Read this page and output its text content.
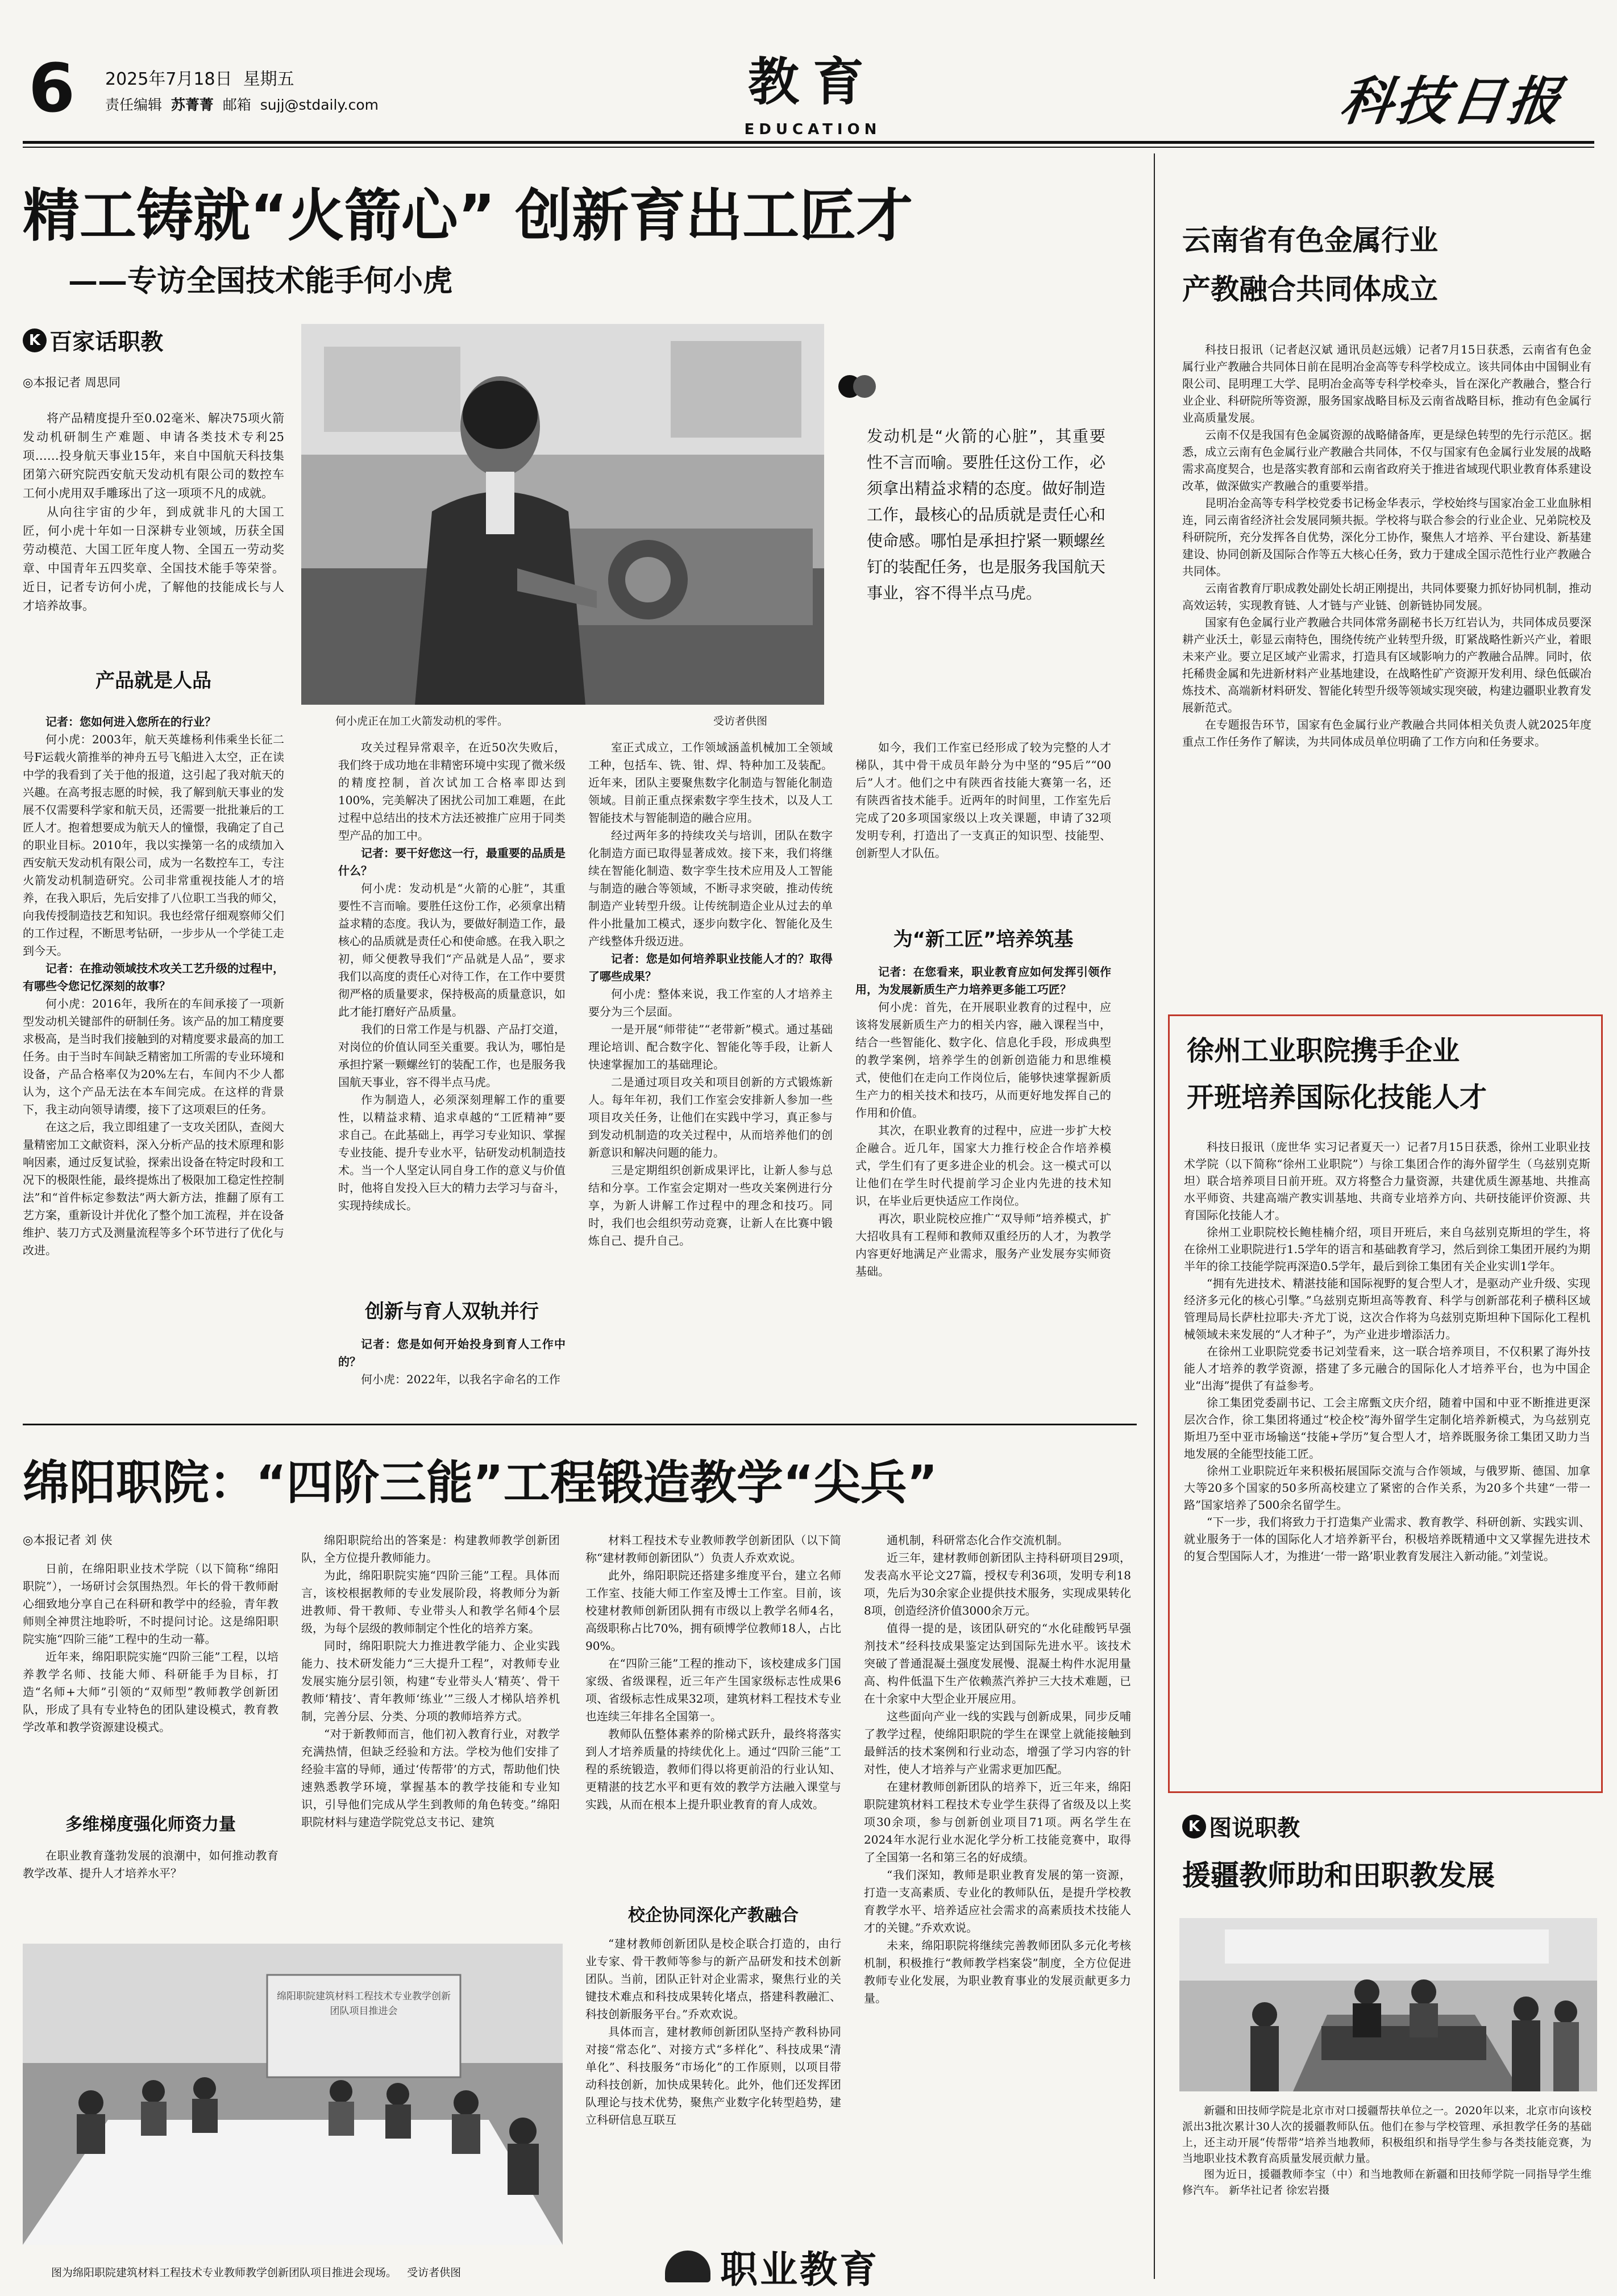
6 2025年7月18日 星期五
责任编辑 苏菁菁 邮箱 sujj@stdaily.com	教育
EDUCATION	科技日报
精工铸就“火箭心” 创新育出工匠才
——专访全国技术能手何小虎
K 百家话职教
◎本报记者 周思同

将产品精度提升至0.02毫米、解决75项火箭发动机研制生产难题、申请各类技术专利25项……投身航天事业15年，来自中国航天科技集团第六研究院西安航天发动机有限公司的数控车工何小虎用双手雕琢出了这一项项不凡的成就。

从向往宇宙的少年，到成就非凡的大国工匠，何小虎十年如一日深耕专业领域，历获全国劳动模范、大国工匠年度人物、全国五一劳动奖章、中国青年五四奖章、全国技术能手等荣誉。近日，记者专访何小虎，了解他的技能成长与人才培养故事。

何小虎正在加工火箭发动机的零件。	受访者供图
发动机是“火箭的心脏”，其重要性不言而喻。要胜任这份工作，必须拿出精益求精的态度。做好制造工作，最核心的品质就是责任心和使命感。哪怕是承担拧紧一颗螺丝钉的装配任务，也是服务我国航天事业，容不得半点马虎。
产品就是人品

记者：您如何进入您所在的行业？

何小虎：2003年，航天英雄杨利伟乘坐长征二号F运载火箭推举的神舟五号飞船进入太空，正在读中学的我看到了关于他的报道，这引起了我对航天的兴趣。在高考报志愿的时候，我了解到航天事业的发展不仅需要科学家和航天员，还需要一批批兼后的工匠人才。抱着想要成为航天人的憧憬，我确定了自己的职业目标。2010年，我以实操第一名的成绩加入西安航天发动机有限公司，成为一名数控车工，专注火箭发动机制造研究。公司非常重视技能人才的培养，在我入职后，先后安排了八位职工当我的师父，向我传授制造技艺和知识。我也经常仔细观察师父们的工作过程，不断思考钻研，一步步从一个学徒工走到今天。

记者：在推动领域技术攻关工艺升级的过程中，有哪些令您记忆深刻的故事？

何小虎：2016年，我所在的车间承接了一项新型发动机关键部件的研制任务。该产品的加工精度要求极高，是当时我们接触到的对精度要求最高的加工任务。由于当时车间缺乏精密加工所需的专业环境和设备，产品合格率仅为20%左右，车间内不少人都认为，这个产品无法在本车间完成。在这样的背景下，我主动向领导请缨，接下了这项艰巨的任务。

在这之后，我立即组建了一支攻关团队，查阅大量精密加工文献资料，深入分析产品的技术原理和影响因素，通过反复试验，探索出设备在特定时段和工况下的极限性能，最终提炼出了极限加工稳定性控制法”和“首件标定参数法”两大新方法，推翻了原有工艺方案，重新设计并优化了整个加工流程，并在设备维护、装刀方式及测量流程等多个环节进行了优化与改进。

攻关过程异常艰辛，在近50次失败后，我们终于成功地在非精密环境中实现了微米级的精度控制，首次试加工合格率即达到100%，完美解决了困扰公司加工难题，在此过程中总结出的技术方法还被推广应用于同类型产品的加工中。

记者：要干好您这一行，最重要的品质是什么？

何小虎：发动机是“火箭的心脏”，其重要性不言而喻。要胜任这份工作，必须拿出精益求精的态度。我认为，要做好制造工作，最核心的品质就是责任心和使命感。在我入职之初，师父便教导我们“产品就是人品”，要求我们以高度的责任心对待工作，在工作中要贯彻严格的质量要求，保持极高的质量意识，如此才能打磨好产品质量。

我们的日常工作是与机器、产品打交道，对岗位的价值认同至关重要。我认为，哪怕是承担拧紧一颗螺丝钉的装配工作，也是服务我国航天事业，容不得半点马虎。

作为制造人，必须深刻理解工作的重要性，以精益求精、追求卓越的“工匠精神”要求自己。在此基础上，再学习专业知识、掌握专业技能、提升专业水平，钻研发动机制造技术。当一个人坚定认同自身工作的意义与价值时，他将自发投入巨大的精力去学习与奋斗，实现持续成长。

创新与育人双轨并行

记者：您是如何开始投身到育人工作中的？

何小虎：2022年，以我名字命名的工作

室正式成立，工作领域涵盖机械加工全领域工种，包括车、铣、钳、焊、特种加工及装配。近年来，团队主要聚焦数字化制造与智能化制造领域。目前正重点探索数字孪生技术，以及人工智能技术与智能制造的融合应用。

经过两年多的持续攻关与培训，团队在数字化制造方面已取得显著成效。接下来，我们将继续在智能化制造、数字孪生技术应用及人工智能与制造的融合等领域，不断寻求突破，推动传统制造产业转型升级。让传统制造企业从过去的单件小批量加工模式，逐步向数字化、智能化及生产线整体升级迈进。

记者：您是如何培养职业技能人才的？取得了哪些成果？

何小虎：整体来说，我工作室的人才培养主要分为三个层面。

一是开展“师带徒”“老带新”模式。通过基础理论培训、配合数字化、智能化等手段，让新人快速掌握加工的基础理论。

二是通过项目攻关和项目创新的方式锻炼新人。每年年初，我们工作室会安排新人参加一些项目攻关任务，让他们在实践中学习，真正参与到发动机制造的攻关过程中，从而培养他们的创新意识和解决问题的能力。

三是定期组织创新成果评比，让新人参与总结和分享。工作室会定期对一些攻关案例进行分享，为新人讲解工作过程中的理念和技巧。同时，我们也会组织劳动竞赛，让新人在比赛中锻炼自己、提升自己。

如今，我们工作室已经形成了较为完整的人才梯队，其中骨干成员年龄分为中坚的“95后”“00后”人才。他们之中有陕西省技能大赛第一名，还有陕西省技术能手。近两年的时间里，工作室先后完成了20多项国家级以上攻关课题，申请了32项发明专利，打造出了一支真正的知识型、技能型、创新型人才队伍。

为“新工匠”培养筑基

记者：在您看来，职业教育应如何发挥引领作用，为发展新质生产力培养更多能工巧匠？

何小虎：首先，在开展职业教育的过程中，应该将发展新质生产力的相关内容，融入课程当中，结合一些智能化、数字化、信息化手段，形成典型的教学案例，培养学生的创新创造能力和思维模式，使他们在走向工作岗位后，能够快速掌握新质生产力的相关技术和技巧，从而更好地发挥自己的作用和价值。

其次，在职业教育的过程中，应进一步扩大校企融合。近几年，国家大力推行校企合作培养模式，学生们有了更多进企业的机会。这一模式可以让他们在学生时代提前学习企业内先进的技术知识，在毕业后更快适应工作岗位。

再次，职业院校应推广“双导师”培养模式，扩大招收具有工程师和教师双重经历的人才，为教学内容更好地满足产业需求，服务产业发展夯实师资基础。

云南省有色金属行业
产教融合共同体成立

科技日报讯（记者赵汉斌 通讯员赵远娥）记者7月15日获悉，云南省有色金属行业产教融合共同体日前在昆明冶金高等专科学校成立。该共同体由中国铜业有限公司、昆明理工大学、昆明冶金高等专科学校牵头，旨在深化产教融合，整合行业企业、科研院所等资源，服务国家战略目标及云南省战略目标，推动有色金属行业高质量发展。

云南不仅是我国有色金属资源的战略储备库，更是绿色转型的先行示范区。据悉，成立云南有色金属行业产教融合共同体，不仅与国家有色金属行业发展的战略需求高度契合，也是落实教育部和云南省政府关于推进省域现代职业教育体系建设改革，做深做实产教融合的重要举措。

昆明冶金高等专科学校党委书记杨金华表示，学校始终与国家冶金工业血脉相连，同云南省经济社会发展同频共振。学校将与联合参会的行业企业、兄弟院校及科研院所，充分发挥各自优势，深化分工协作，聚焦人才培养、平台建设、新基建建设、协同创新及国际合作等五大核心任务，致力于建成全国示范性行业产教融合共同体。

云南省教育厅职成教处副处长胡正刚提出，共同体要聚力抓好协同机制，推动高效运转，实现教育链、人才链与产业链、创新链协同发展。

国家有色金属行业产教融合共同体常务副秘书长万红岩认为，共同体成员要深耕产业沃土，彰显云南特色，围绕传统产业转型升级，盯紧战略性新兴产业，着眼未来产业。要立足区域产业需求，打造具有区域影响力的产教融合品牌。同时，依托稀贵金属和先进新材料产业基地建设，在战略性矿产资源开发利用、绿色低碳冶炼技术、高端新材料研发、智能化转型升级等领域实现突破，构建边疆职业教育发展新范式。

在专题报告环节，国家有色金属行业产教融合共同体相关负责人就2025年度重点工作任务作了解读，为共同体成员单位明确了工作方向和任务要求。

徐州工业职院携手企业
开班培养国际化技能人才

科技日报讯（庞世华 实习记者夏天一）记者7月15日获悉，徐州工业职业技术学院（以下简称“徐州工业职院”）与徐工集团合作的海外留学生（乌兹别克斯坦）联合培养项目日前开班。双方将整合力量资源，共建优质生源基地、共推高水平师资、共建高端产教实训基地、共商专业培养方向、共研技能评价资源、共育国际化技能人才。

徐州工业职院校长鲍桂楠介绍，项目开班后，来自乌兹别克斯坦的学生，将在徐州工业职院进行1.5学年的语言和基础教育学习，然后到徐工集团开展约为期半年的徐工技能学院再深造0.5学年，最后到徐工集团有关企业实训1学年。

“拥有先进技术、精湛技能和国际视野的复合型人才，是驱动产业升级、实现经济多元化的核心引擎。”乌兹别克斯坦高等教育、科学与创新部花利子横科区域管理局局长萨杜拉耶夫·齐尤丁说，这次合作将为乌兹别克斯坦种下国际化工程机械领域未来发展的“人才种子”，为产业进步增添活力。

在徐州工业职院党委书记刘莹看来，这一联合培养项目，不仅积累了海外技能人才培养的教学资源，搭建了多元融合的国际化人才培养平台，也为中国企业“出海”提供了有益参考。

徐工集团党委副书记、工会主席甄文庆介绍，随着中国和中亚不断推进更深层次合作，徐工集团将通过“校企校”海外留学生定制化培养新模式，为乌兹别克斯坦乃至中亚市场输送“技能+学历”复合型人才，培养既服务徐工集团又助力当地发展的全能型技能工匠。

徐州工业职院近年来积极拓展国际交流与合作领域，与俄罗斯、德国、加拿大等20多个国家的50多所高校建立了紧密的合作关系，为20多个共建“一带一路”国家培养了500余名留学生。

“下一步，我们将致力于打造集产业需求、教育教学、科研创新、实践实训、就业服务于一体的国际化人才培养新平台，积极培养既精通中文又掌握先进技术的复合型国际人才，为推进‘一带一路’职业教育发展注入新动能。”刘莹说。

K 图说职教
援疆教师助和田职教发展

新疆和田技师学院是北京市对口援疆帮扶单位之一。2020年以来，北京市向该校派出3批次累计30人次的援疆教师队伍。他们在参与学校管理、承担教学任务的基础上，还主动开展“传帮带”培养当地教师，积极组织和指导学生参与各类技能竞赛，为当地职业技术教育高质量发展贡献力量。

图为近日，援疆教师李宝（中）和当地教师在新疆和田技师学院一同指导学生维修汽车。 新华社记者 徐宏岩摄

绵阳职院：“四阶三能”工程锻造教学“尖兵”
◎本报记者 刘 侠

日前，在绵阳职业技术学院（以下简称“绵阳职院”），一场研讨会氛围热烈。年长的骨干教师耐心细致地分享自己在科研和教学中的经验，青年教师则全神贯注地聆听，不时提问讨论。这是绵阳职院实施“四阶三能”工程中的生动一幕。

近年来，绵阳职院实施“四阶三能”工程，以培养教学名师、技能大师、科研能手为目标，打造“名师+大师”引领的“双师型”教师教学创新团队，形成了具有专业特色的团队建设模式，教育教学改革和教学资源建设模式。

多维梯度强化师资力量

在职业教育蓬勃发展的浪潮中，如何推动教育教学改革、提升人才培养水平？

绵阳职院给出的答案是：构建教师教学创新团队，全方位提升教师能力。

为此，绵阳职院实施“四阶三能”工程。具体而言，该校根据教师的专业发展阶段，将教师分为新进教师、骨干教师、专业带头人和教学名师4个层级，为每个层级的教师制定个性化的培养方案。

同时，绵阳职院大力推进教学能力、企业实践能力、技术研发能力“三大提升工程”，对教师专业发展实施分层引领，构建“专业带头人‘精英’、骨干教师‘精技’、青年教师‘练业’”三级人才梯队培养机制，完善分层、分类、分项的教师培养方式。

“对于新教师而言，他们初入教育行业，对教学充满热情，但缺乏经验和方法。学校为他们安排了经验丰富的导师，通过‘传帮带’的方式，帮助他们快速熟悉教学环境，掌握基本的教学技能和专业知识，引导他们完成从学生到教师的角色转变。”绵阳职院材料与建造学院党总支书记、建筑

材料工程技术专业教师教学创新团队（以下简称“建材教师创新团队”）负责人乔欢欢说。

此外，绵阳职院还搭建多维度平台，建立名师工作室、技能大师工作室及博士工作室。目前，该校建材教师创新团队拥有市级以上教学名师4名，高级职称占比70%，拥有硕博学位教师18人，占比90%。

在“四阶三能”工程的推动下，该校建成多门国家级、省级课程，近三年产生国家级标志性成果6项、省级标志性成果32项，建筑材料工程技术专业也连续三年排名全国第一。

教师队伍整体素养的阶梯式跃升，最终将落实到人才培养质量的持续优化上。通过“四阶三能”工程的系统锻造，教师们得以将更前沿的行业认知、更精湛的技艺水平和更有效的教学方法融入课堂与实践，从而在根本上提升职业教育的育人成效。

校企协同深化产教融合

“建材教师创新团队是校企联合打造的，由行业专家、骨干教师等参与的新产品研发和技术创新团队。当前，团队正针对企业需求，聚焦行业的关键技术难点和科技成果转化堵点，搭建科教融汇、科技创新服务平台。”乔欢欢说。

具体而言，建材教师创新团队坚持产教科协同对接“常态化”、对接方式“多样化”、科技成果“清单化”、科技服务“市场化”的工作原则，以项目带动科技创新，加快成果转化。此外，他们还发挥团队理论与技术优势，聚焦产业数字化转型趋势，建立科研信息互联互

通机制，科研常态化合作交流机制。

近三年，建材教师创新团队主持科研项目29项，发表高水平论文27篇，授权专利36项，发明专利18项，先后为30余家企业提供技术服务，实现成果转化8项，创造经济价值3000余万元。

值得一提的是，该团队研究的“水化硅酸钙早强剂技术”经科技成果鉴定达到国际先进水平。该技术突破了普通混凝土强度发展慢、混凝土构件水泥用量高、构件低温下生产依赖蒸汽养护三大技术难题，已在十余家中大型企业开展应用。

这些面向产业一线的实践与创新成果，同步反哺了教学过程，使绵阳职院的学生在课堂上就能接触到最鲜活的技术案例和行业动态，增强了学习内容的针对性，使人才培养与产业需求更加匹配。

在建材教师创新团队的培养下，近三年来，绵阳职院建筑材料工程技术专业学生获得了省级及以上奖项30余项，参与创新创业项目71项。两名学生在2024年水泥行业水泥化学分析工技能竞赛中，取得了全国第一名和第三名的好成绩。

“我们深知，教师是职业教育发展的第一资源，打造一支高素质、专业化的教师队伍，是提升学校教育教学水平、培养适应社会需求的高素质技术技能人才的关键。”乔欢欢说。

未来，绵阳职院将继续完善教师团队多元化考核机制，积极推行“教师教学档案袋”制度，全方位促进教师专业化发展，为职业教育事业的发展贡献更多力量。

绵阳职院建筑材料工程技术专业教学创新团队项目推进会
图为绵阳职院建筑材料工程技术专业教师教学创新团队项目推进会现场。 受访者供图	职业教育
